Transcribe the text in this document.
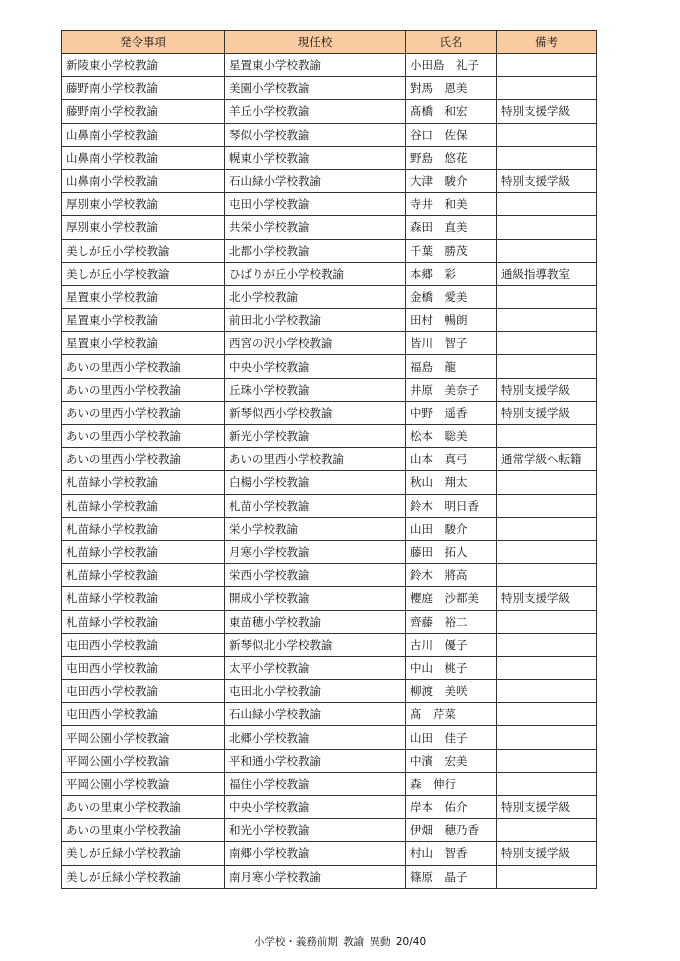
発令事項	現任校	氏名	備考
新陵東小学校教諭	星置東小学校教諭	小田島　礼子	
藤野南小学校教諭	美園小学校教諭	對馬　恩美	
藤野南小学校教諭	羊丘小学校教諭	髙橋　和宏	特別支援学級
山鼻南小学校教諭	琴似小学校教諭	谷口　佐保	
山鼻南小学校教諭	幌東小学校教諭	野島　悠花	
山鼻南小学校教諭	石山緑小学校教諭	大津　駿介	特別支援学級
厚別東小学校教諭	屯田小学校教諭	寺井　和美	
厚別東小学校教諭	共栄小学校教諭	森田　直美	
美しが丘小学校教諭	北都小学校教諭	千葉　勝茂	
美しが丘小学校教諭	ひばりが丘小学校教諭	本郷　彩	通級指導教室
星置東小学校教諭	北小学校教諭	金橋　愛美	
星置東小学校教諭	前田北小学校教諭	田村　暢朗	
星置東小学校教諭	西宮の沢小学校教諭	皆川　智子	
あいの里西小学校教諭	中央小学校教諭	福島　龍	
あいの里西小学校教諭	丘珠小学校教諭	井原　美奈子	特別支援学級
あいの里西小学校教諭	新琴似西小学校教諭	中野　遥香	特別支援学級
あいの里西小学校教諭	新光小学校教諭	松本　聡美	
あいの里西小学校教諭	あいの里西小学校教諭	山本　真弓	通常学級へ転籍
札苗緑小学校教諭	白楊小学校教諭	秋山　翔太	
札苗緑小学校教諭	札苗小学校教諭	鈴木　明日香	
札苗緑小学校教諭	栄小学校教諭	山田　駿介	
札苗緑小学校教諭	月寒小学校教諭	藤田　拓人	
札苗緑小学校教諭	栄西小学校教諭	鈴木　將高	
札苗緑小学校教諭	開成小学校教諭	櫻庭　沙都美	特別支援学級
札苗緑小学校教諭	東苗穂小学校教諭	齊藤　裕二	
屯田西小学校教諭	新琴似北小学校教諭	古川　優子	
屯田西小学校教諭	太平小学校教諭	中山　桃子	
屯田西小学校教諭	屯田北小学校教諭	柳渡　美咲	
屯田西小学校教諭	石山緑小学校教諭	髙　芹菜	
平岡公園小学校教諭	北郷小学校教諭	山田　佳子	
平岡公園小学校教諭	平和通小学校教諭	中濱　宏美	
平岡公園小学校教諭	福住小学校教諭	森　伸行	
あいの里東小学校教諭	中央小学校教諭	岸本　佑介	特別支援学級
あいの里東小学校教諭	和光小学校教諭	伊畑　穂乃香	
美しが丘緑小学校教諭	南郷小学校教諭	村山　智香	特別支援学級
美しが丘緑小学校教諭	南月寒小学校教諭	篠原　晶子	
小学校・義務前期 教諭 異動 20/40
